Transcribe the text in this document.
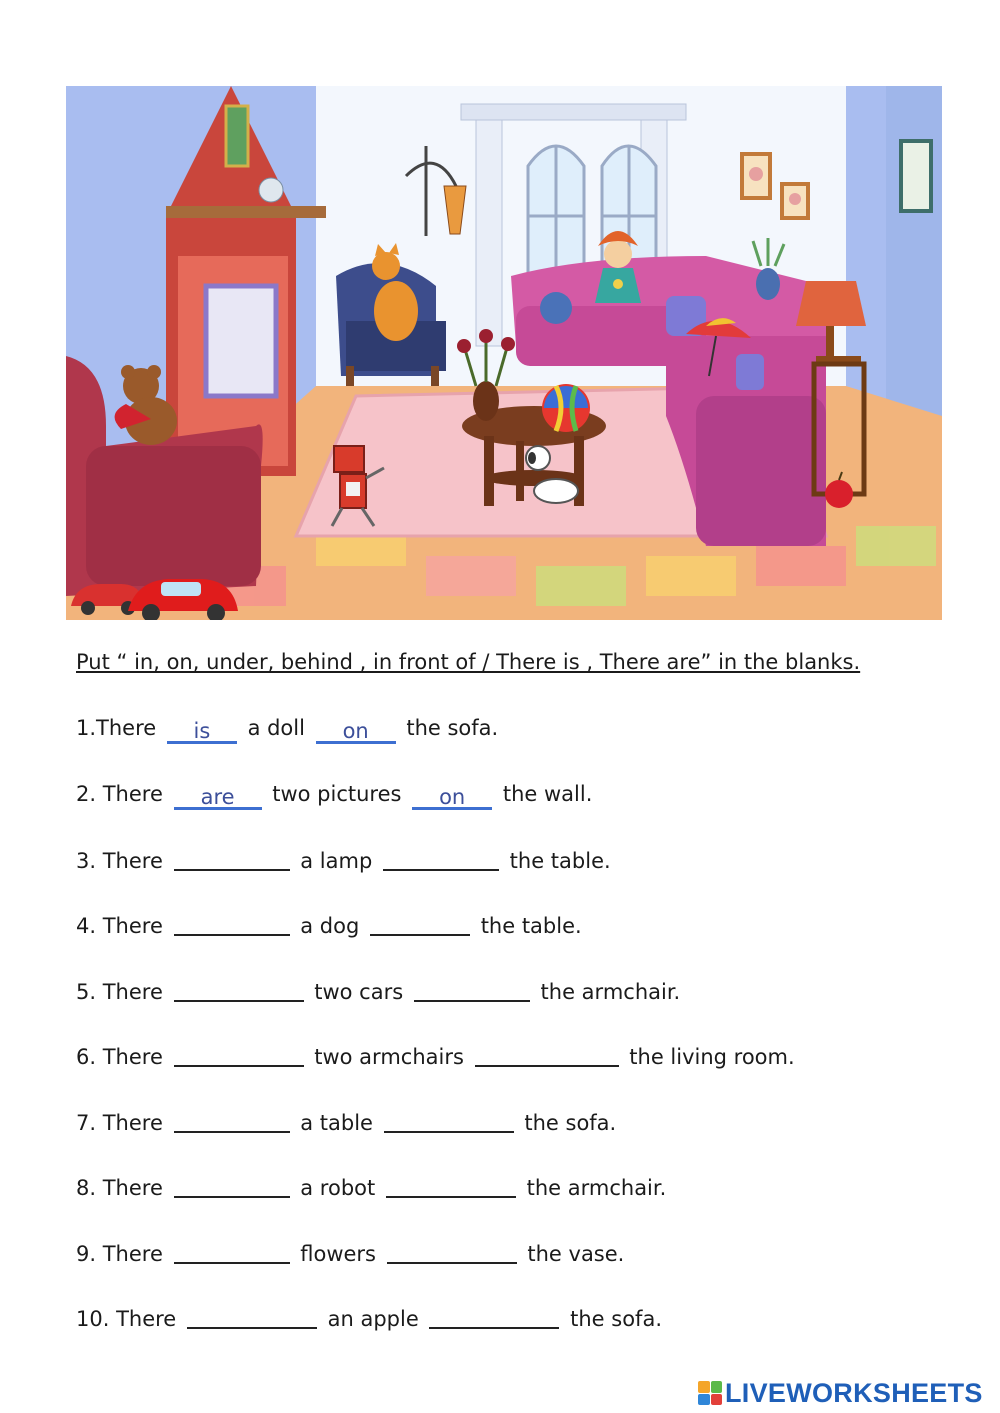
Put “ in, on, under, behind , in front of / There is , There are” in the blanks.
1.There is a doll on the sofa.
2. There are two pictures on the wall.
3. There	a lamp	the table.
4. There	a dog	the table.
5. There	two cars	the armchair.
6. There	two armchairs	the living room.
7. There	a table	the sofa.
8. There	a robot	the armchair.
9. There	flowers	the vase.
10. There	an apple	the sofa.
LIVEWORKSHEETS
